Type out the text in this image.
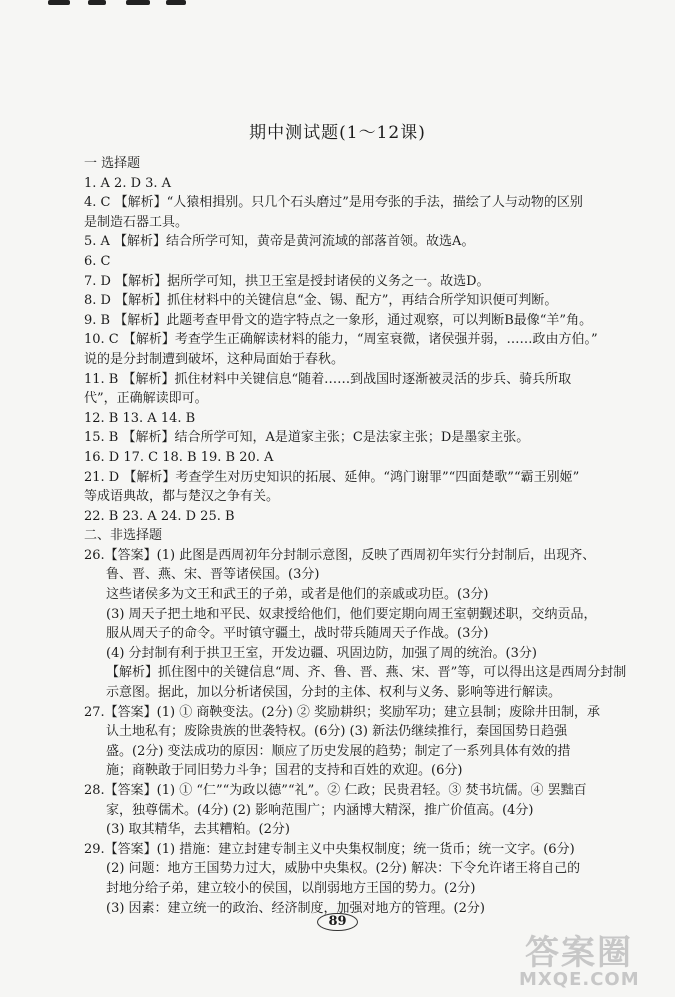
期中测试题(1～12课)

一 选择题

1. A 2. D 3. A

4. C 【解析】“人猿相揖别。只几个石头磨过”是用夸张的手法，描绘了人与动物的区别

是制造石器工具。

5. A 【解析】结合所学可知，黄帝是黄河流域的部落首领。故选A。

6. C

7. D 【解析】据所学可知，拱卫王室是授封诸侯的义务之一。故选D。

8. D 【解析】抓住材料中的关键信息“金、锡、配方”，再结合所学知识便可判断。

9. B 【解析】此题考查甲骨文的造字特点之一象形，通过观察，可以判断B最像“羊”角。

10. C 【解析】考查学生正确解读材料的能力，“周室衰微，诸侯强并弱，……政由方伯。”

说的是分封制遭到破坏，这种局面始于春秋。

11. B 【解析】抓住材料中关键信息“随着……到战国时逐渐被灵活的步兵、骑兵所取

代”，正确解读即可。

12. B 13. A 14. B

15. B 【解析】结合所学可知，A是道家主张；C是法家主张；D是墨家主张。

16. D 17. C 18. B 19. B 20. A

21. D 【解析】考查学生对历史知识的拓展、延伸。“鸿门谢罪”“四面楚歌”“霸王别姬”

等成语典故，都与楚汉之争有关。

22. B 23. A 24. D 25. B

二、非选择题

26.【答案】(1) 此图是西周初年分封制示意图，反映了西周初年实行分封制后，出现齐、

鲁、晋、燕、宋、晋等诸侯国。(3分)

这些诸侯多为文王和武王的子弟，或者是他们的亲戚或功臣。(3分)

(3) 周天子把土地和平民、奴隶授给他们，他们要定期向周王室朝觐述职，交纳贡品，

服从周天子的命令。平时镇守疆土，战时带兵随周天子作战。(3分)

(4) 分封制有利于拱卫王室，开发边疆、巩固边防，加强了周的统治。(3分)

【解析】抓住图中的关键信息“周、齐、鲁、晋、燕、宋、晋”等，可以得出这是西周分封制

示意图。据此，加以分析诸侯国，分封的主体、权利与义务、影响等进行解读。

27.【答案】(1) ① 商鞅变法。(2分) ② 奖励耕织；奖励军功；建立县制；废除井田制，承

认土地私有；废除贵族的世袭特权。(6分) (3) 新法仍继续推行，秦国国势日趋强

盛。(2分) 变法成功的原因：顺应了历史发展的趋势；制定了一系列具体有效的措

施；商鞅敢于同旧势力斗争；国君的支持和百姓的欢迎。(6分)

28.【答案】(1) ① “仁”“为政以德”“礼”。② 仁政；民贵君轻。③ 焚书坑儒。④ 罢黜百

家，独尊儒术。(4分) (2) 影响范围广；内涵博大精深，推广价值高。(4分)

(3) 取其精华，去其糟粕。(2分)

29.【答案】(1) 措施：建立封建专制主义中央集权制度；统一货币；统一文字。(6分)

(2) 问题：地方王国势力过大，威胁中央集权。(2分) 解决：下令允许诸王将自己的

封地分给子弟，建立较小的侯国，以削弱地方王国的势力。(2分)

(3) 因素：建立统一的政治、经济制度，加强对地方的管理。(2分)

89
答案圈
MXQE.COM
